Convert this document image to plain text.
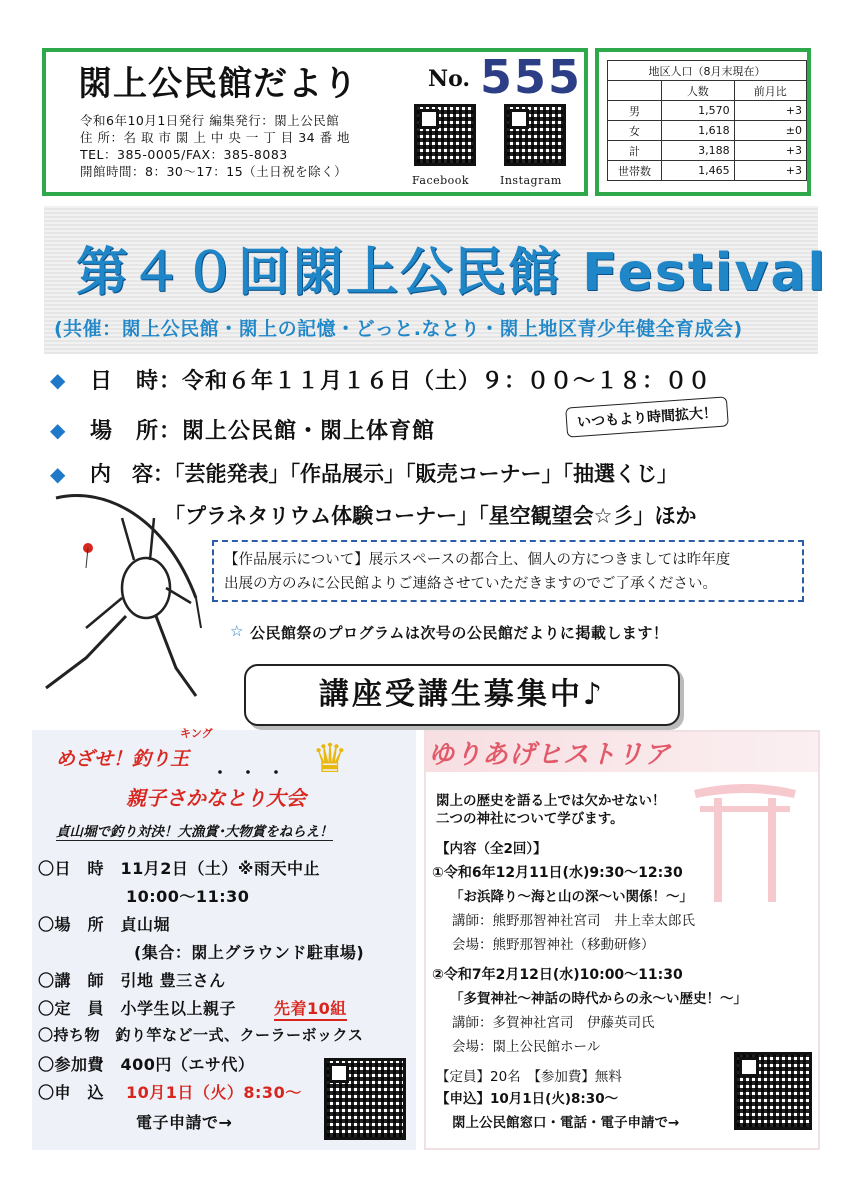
閖上公民館だより	No. 555
令和6年10月1日発行 編集発行：閖上公民館
住 所：名 取 市 閖 上 中 央 一 丁 目 34 番 地
TEL：385-0005/FAX：385-8083
開館時間：8：30～17：15（土日祝を除く）
Facebook	Instagram
地区人口（8月末現在）		
	人数	前月比
男	1,570	+3
女	1,618	±0
計	3,188	+3
世帯数	1,465	+3
第４０回閖上公民館 Festival
(共催：閖上公民館・閖上の記憶・どっと.なとり・閖上地区青少年健全育成会)
◆ 日　時：令和６年１１月１６日（土）９：００～１８：００
◆ 場　所：閖上公民館・閖上体育館
◆ 内　容：「芸能発表」「作品展示」「販売コーナー」「抽選くじ」
「プラネタリウム体験コーナー」「星空観望会☆彡」ほか
いつもより時間拡大！
【作品展示について】展示スペースの都合上、個人の方につきましては昨年度
出展の方のみに公民館よりご連絡させていただきますのでご了承ください。
☆ 公民館祭のプログラムは次号の公民館だよりに掲載します！
講座受講生募集中♪
キング
めざせ！釣り王	♛
・・・
親子さかなとり大会
貞山堀で釣り対決！大漁賞･大物賞をねらえ！
〇日　時　11月2日（土）※雨天中止
10:00～11:30
〇場　所　貞山堀
(集合：閖上グラウンド駐車場)
〇講　師　引地 豊三さん
〇定　員　小学生以上親子 先着10組
〇持ち物　釣り竿など一式、クーラーボックス
〇参加費　400円（エサ代）
〇申　込 10月1日（火）8:30～
電子申請で→
ゆりあげヒストリア
閖上の歴史を語る上では欠かせない！
二つの神社について学びます。
【内容（全2回）】
①令和6年12月11日(水)9:30～12:30
「お浜降り～海と山の深～い関係！～」
講師：熊野那智神社宮司　井上幸太郎氏
会場：熊野那智神社（移動研修）
②令和7年2月12日(水)10:00～11:30
「多賀神社～神話の時代からの永～い歴史！～」
講師：多賀神社宮司　伊藤英司氏
会場：閖上公民館ホール
【定員】20名　【参加費】無料
【申込】10月1日(火)8:30～
閖上公民館窓口・電話・電子申請で→
